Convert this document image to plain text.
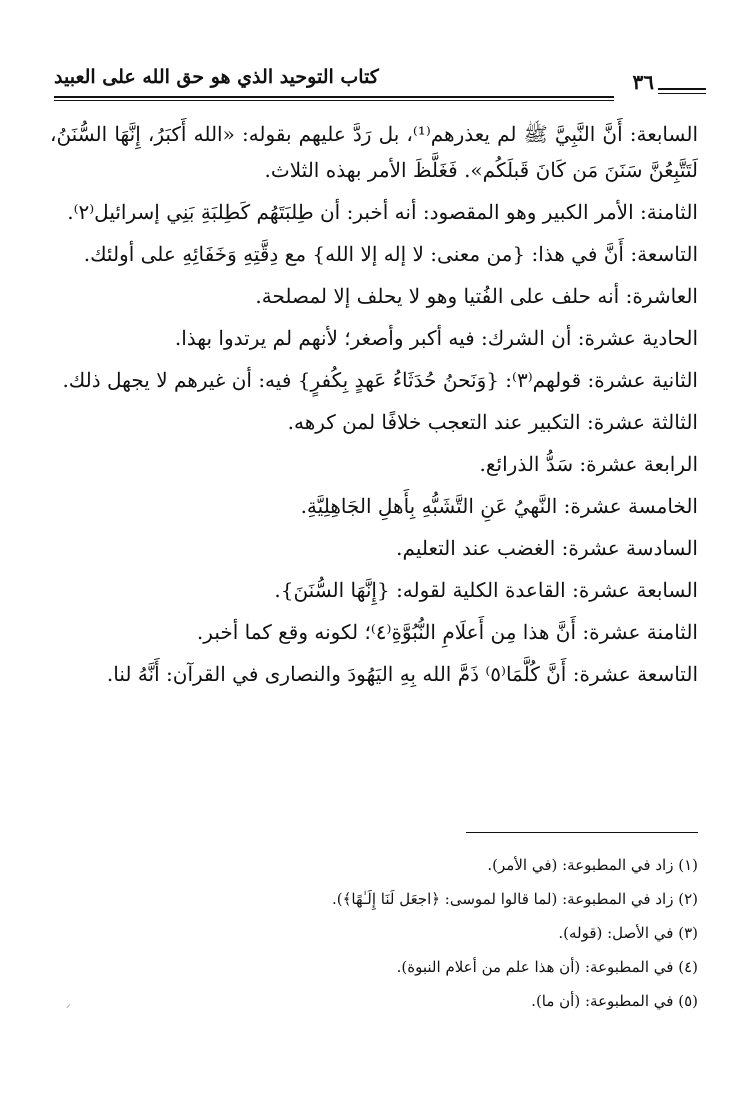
٣٦
كتاب التوحيد الذي هو حق الله على العبيد

السابعة: أَنَّ النَّبِيَّ ﷺ لم يعذرهم⁽¹⁾، بل رَدَّ عليهم بقوله: «الله أَكبَرُ، إِنَّهَا السُّنَنُ، لَتَتَّبِعُنَّ سَنَنَ مَن كَانَ قَبلَكُم». فَغَلَّظَ الأمر بهذه الثلاث.

الثامنة: الأمر الكبير وهو المقصود: أنه أخبر: أن طِلبَتَهُم كَطِلبَةِ بَنِي إسرائيل⁽٢⁾.

التاسعة: أَنَّ في هذا: {من معنى: لا إله إلا الله} مع دِقَّتِهِ وَخَفَائِهِ على أولئك.

العاشرة: أنه حلف على الفُتيا وهو لا يحلف إلا لمصلحة.

الحادية عشرة: أن الشرك: فيه أكبر وأصغر؛ لأنهم لم يرتدوا بهذا.

الثانية عشرة: قولهم⁽٣⁾: {وَنَحنُ حُدَثَاءُ عَهدٍ بِكُفرٍ} فيه: أن غيرهم لا يجهل ذلك.

الثالثة عشرة: التكبير عند التعجب خلافًا لمن كرهه.

الرابعة عشرة: سَدُّ الذرائع.

الخامسة عشرة: النَّهيُ عَنِ التَّشَبُّهِ بِأَهلِ الجَاهِلِيَّةِ.

السادسة عشرة: الغضب عند التعليم.

السابعة عشرة: القاعدة الكلية لقوله: {إِنَّهَا السُّنَنَ}.

الثامنة عشرة: أَنَّ هذا مِن أَعلَامِ النُّبُوَّةِ⁽٤⁾؛ لكونه وقع كما أخبر.

التاسعة عشرة: أَنَّ كُلَّمَا⁽٥⁾ ذَمَّ الله بِهِ اليَهُودَ والنصارى في القرآن: أَنَّهُ لنا.

(١) زاد في المطبوعة: (في الأمر).
(٢) زاد في المطبوعة: (لما قالوا لموسى: ﴿اجعَل لَنَا إِلَـٰهًا﴾).
(٣) في الأصل: (قوله).
(٤) في المطبوعة: (أن هذا علم من أعلام النبوة).
(٥) في المطبوعة: (أن ما).
⸝
